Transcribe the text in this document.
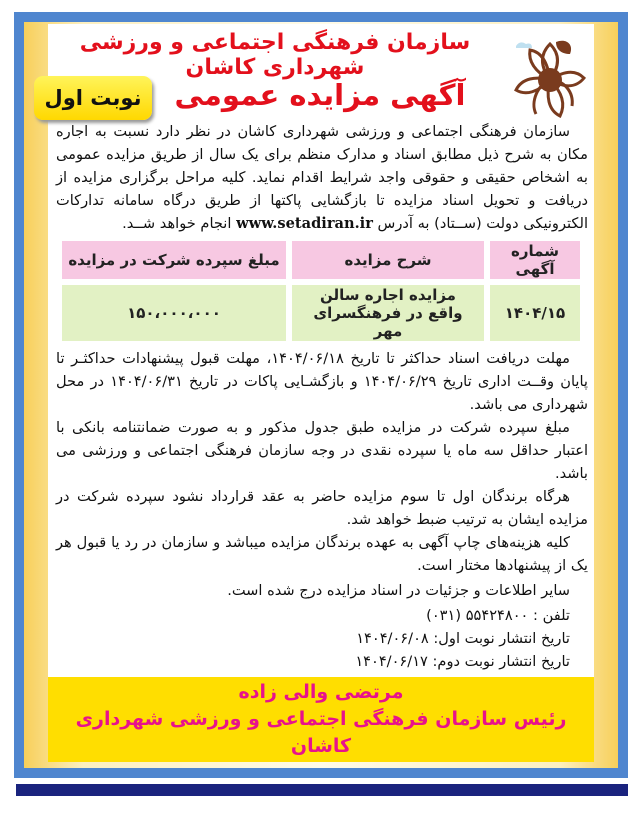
سازمان فرهنگی اجتماعی و ورزشی شهرداری کاشان
آگهی مزایده عمومی
نوبت اول
سازمان فرهنگی اجتماعی و ورزشی شهرداری کاشان در نظر دارد نسبت به اجاره مکان به شرح ذیل مطابق اسناد و مدارک منظم برای یک سال از طریق مزایده عمومی به اشخاص حقیقی و حقوقی واجد شرایط اقدام نماید. کلیه مراحل برگزاری مزایده از دریافت و تحویل اسناد مزایده تا بازگشایی پاکتها از طریق درگاه سامانه تدارکات الکترونیکی دولت (ســتاد) به آدرس www.setadiran.ir انجام خواهد شــد.
شماره آگهی	شرح مزایده	مبلغ سپرده شرکت در مزایده
۱۴۰۴/۱۵	مزایده اجاره سالن واقع در فرهنگسرای مهر	۱۵۰،۰۰۰،۰۰۰

مهلت دریافت اسناد حداکثر تا تاریخ ۱۴۰۴/۰۶/۱۸، مهلت قبول پیشنهادات حداکثـر تا پایان وقــت اداری تاریخ ۱۴۰۴/۰۶/۲۹ و بازگشـایی پاکات در تاریخ ۱۴۰۴/۰۶/۳۱ در محل شهرداری می باشد.

مبلغ سپرده شرکت در مزایده طبق جدول مذکور و به صورت ضمانتنامه بانکی با اعتبار حداقل سه ماه یا سپرده نقدی در وجه سازمان فرهنگی اجتماعی و ورزشی می باشد.

هرگاه برندگان اول تا سوم مزایده حاضر به عقد قرارداد نشود سپرده شرکت در مزایده ایشان به ترتیب ضبط خواهد شد.

کلیه هزینه‌های چاپ آگهی به عهده برندگان مزایده میباشد و سازمان در رد یا قبول هر یک از پیشنهادها مختار است.

سایر اطلاعات و جزئیات در اسناد مزایده درج شده است.

تلفن : ۵۵۴۲۴۸۰۰ (۰۳۱)

تاریخ انتشار نوبت اول: ۱۴۰۴/۰۶/۰۸

تاریخ انتشار نوبت دوم: ۱۴۰۴/۰۶/۱۷

مرتضی والی زاده
رئیس سازمان فرهنگی اجتماعی و ورزشی شهرداری کاشان
